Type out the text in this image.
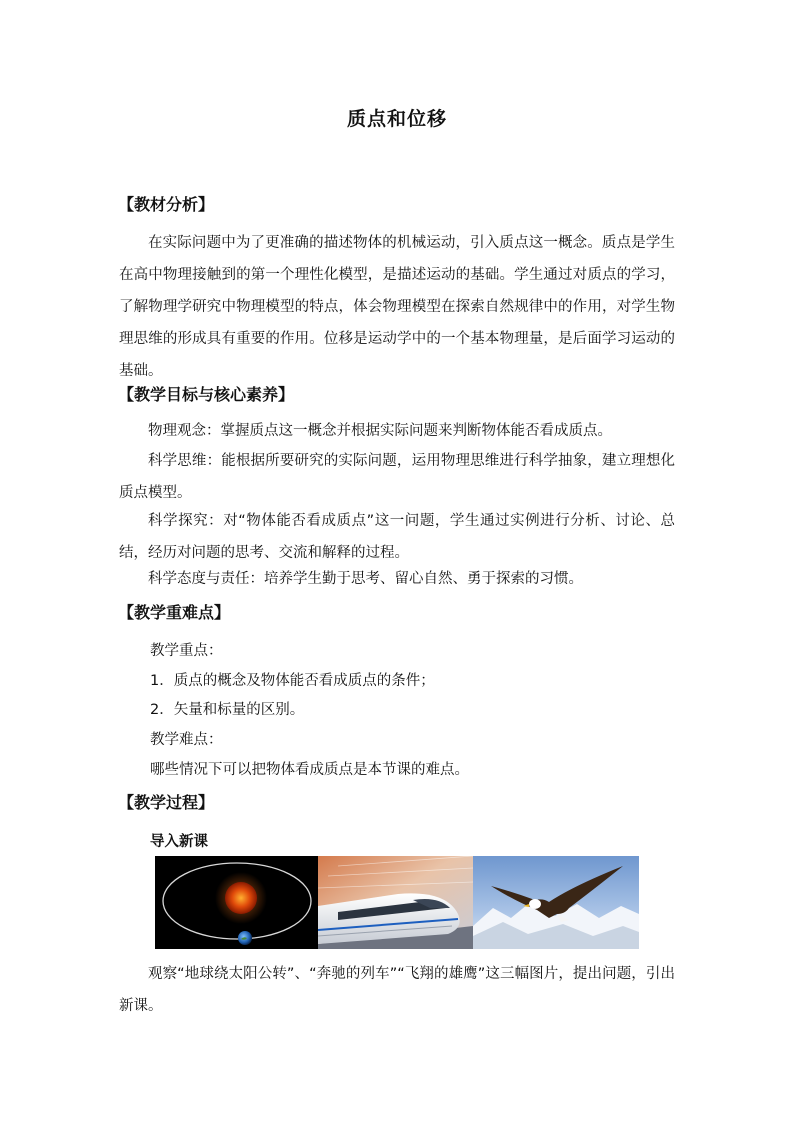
质点和位移
【教材分析】
在实际问题中为了更准确的描述物体的机械运动，引入质点这一概念。质点是学生在高中物理接触到的第一个理性化模型，是描述运动的基础。学生通过对质点的学习，了解物理学研究中物理模型的特点，体会物理模型在探索自然规律中的作用，对学生物理思维的形成具有重要的作用。位移是运动学中的一个基本物理量，是后面学习运动的基础。
【教学目标与核心素养】
物理观念：掌握质点这一概念并根据实际问题来判断物体能否看成质点。
科学思维：能根据所要研究的实际问题，运用物理思维进行科学抽象，建立理想化质点模型。
科学探究：对“物体能否看成质点”这一问题，学生通过实例进行分析、讨论、总结，经历对问题的思考、交流和解释的过程。
科学态度与责任：培养学生勤于思考、留心自然、勇于探索的习惯。
【教学重难点】
教学重点：
1．质点的概念及物体能否看成质点的条件；
2．矢量和标量的区别。
教学难点：
哪些情况下可以把物体看成质点是本节课的难点。
【教学过程】
导入新课
观察“地球绕太阳公转”、“奔驰的列车”“飞翔的雄鹰”这三幅图片，提出问题，引出新课。
